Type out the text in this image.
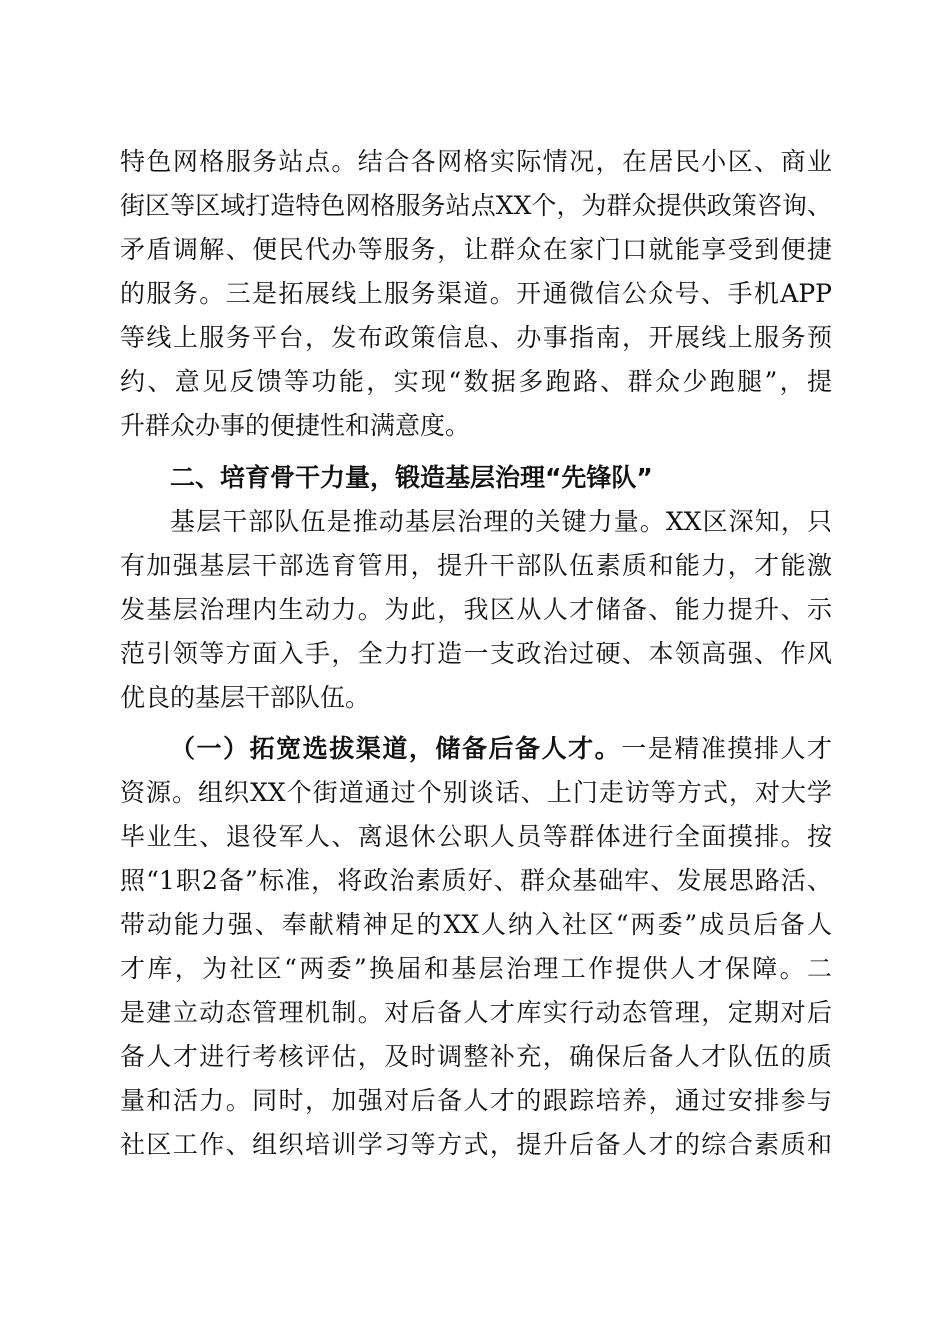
特色网格服务站点。结合各网格实际情况，在居民小区、商业
街区等区域打造特色网格服务站点XX个，为群众提供政策咨询、
矛盾调解、便民代办等服务，让群众在家门口就能享受到便捷
的服务。三是拓展线上服务渠道。开通微信公众号、手机APP
等线上服务平台，发布政策信息、办事指南，开展线上服务预
约、意见反馈等功能，实现“数据多跑路、群众少跑腿”，提
升群众办事的便捷性和满意度。
二、培育骨干力量，锻造基层治理“先锋队”
基层干部队伍是推动基层治理的关键力量。XX区深知，只
有加强基层干部选育管用，提升干部队伍素质和能力，才能激
发基层治理内生动力。为此，我区从人才储备、能力提升、示
范引领等方面入手，全力打造一支政治过硬、本领高强、作风
优良的基层干部队伍。
（一）拓宽选拔渠道，储备后备人才。一是精准摸排人才
资源。组织XX个街道通过个别谈话、上门走访等方式，对大学
毕业生、退役军人、离退休公职人员等群体进行全面摸排。按
照“1职2备”标准，将政治素质好、群众基础牢、发展思路活、
带动能力强、奉献精神足的XX人纳入社区“两委”成员后备人
才库，为社区“两委”换届和基层治理工作提供人才保障。二
是建立动态管理机制。对后备人才库实行动态管理，定期对后
备人才进行考核评估，及时调整补充，确保后备人才队伍的质
量和活力。同时，加强对后备人才的跟踪培养，通过安排参与
社区工作、组织培训学习等方式，提升后备人才的综合素质和
